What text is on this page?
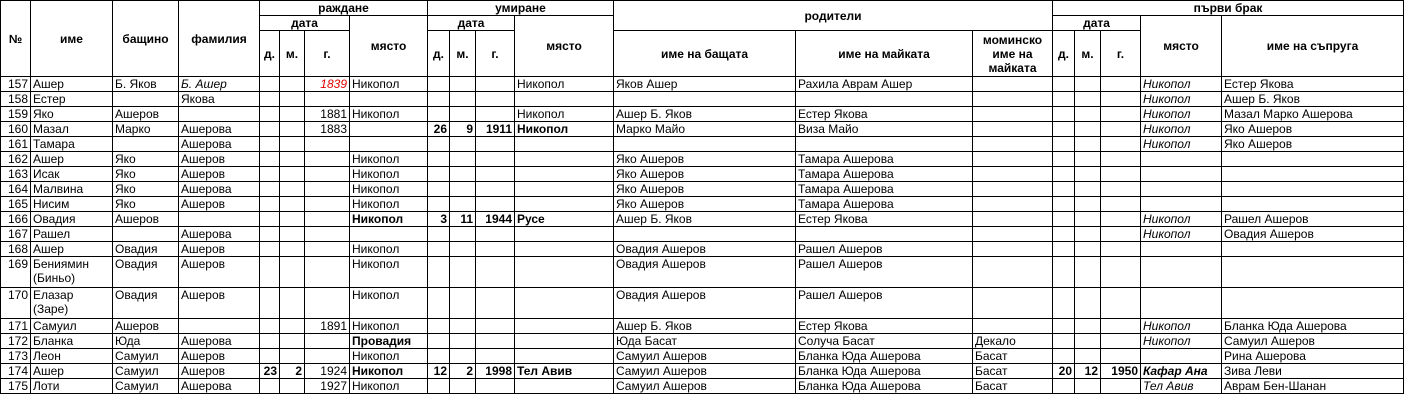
№	име	бащино	фамилия	раждане				умиране				родители			първи брак				
				дата			място	дата			място				дата			място	име на съпруга
				д.	м.	г.		д.	м.	г.		име на бащата	име на майката	моминско име на майката	д.	м.	г.		
157	Ашер	Б. Яков	Б. Ашер			1839	Никопол				Никопол	Яков Ашер	Рахила Аврам Ашер					Никопол	Естер Якова
158	Естер		Якова															Никопол	Ашер Б. Яков
159	Яко	Ашеров				1881	Никопол				Никопол	Ашер Б. Яков	Естер Якова					Никопол	Мазал Марко Ашерова
160	Мазал	Марко	Ашерова			1883		26	9	1911	Никопол	Марко Майо	Виза Майо					Никопол	Яко Ашеров
161	Тамара		Ашерова															Никопол	Яко Ашеров
162	Ашер	Яко	Ашеров				Никопол					Яко Ашеров	Тамара Ашерова						
163	Исак	Яко	Ашеров				Никопол					Яко Ашеров	Тамара Ашерова						
164	Малвина	Яко	Ашерова				Никопол					Яко Ашеров	Тамара Ашерова						
165	Нисим	Яко	Ашеров				Никопол					Яко Ашеров	Тамара Ашерова						
166	Овадия	Ашеров					Никопол	3	11	1944	Русе	Ашер Б. Яков	Естер Якова					Никопол	Рашел Ашеров
167	Рашел		Ашерова															Никопол	Овадия Ашеров
168	Ашер	Овадия	Ашеров				Никопол					Овадия Ашеров	Рашел Ашеров						
169	Бениямин (Биньо)	Овадия	Ашеров				Никопол					Овадия Ашеров	Рашел Ашеров						
170	Елазар (Заре)	Овадия	Ашеров				Никопол					Овадия Ашеров	Рашел Ашеров						
171	Самуил	Ашеров				1891	Никопол					Ашер Б. Яков	Естер Якова					Никопол	Бланка Юда Ашерова
172	Бланка	Юда	Ашерова				Провадия					Юда Басат	Солуча Басат	Декало				Никопол	Самуил Ашеров
173	Леон	Самуил	Ашеров				Никопол					Самуил Ашеров	Бланка Юда Ашерова	Басат					Рина Ашерова
174	Ашер	Самуил	Ашеров	23	2	1924	Никопол	12	2	1998	Тел Авив	Самуил Ашеров	Бланка Юда Ашерова	Басат	20	12	1950	Кафар Ана	Зива Леви
175	Лоти	Самуил	Ашерова			1927	Никопол					Самуил Ашеров	Бланка Юда Ашерова	Басат				Тел Авив	Аврам Бен-Шанан
